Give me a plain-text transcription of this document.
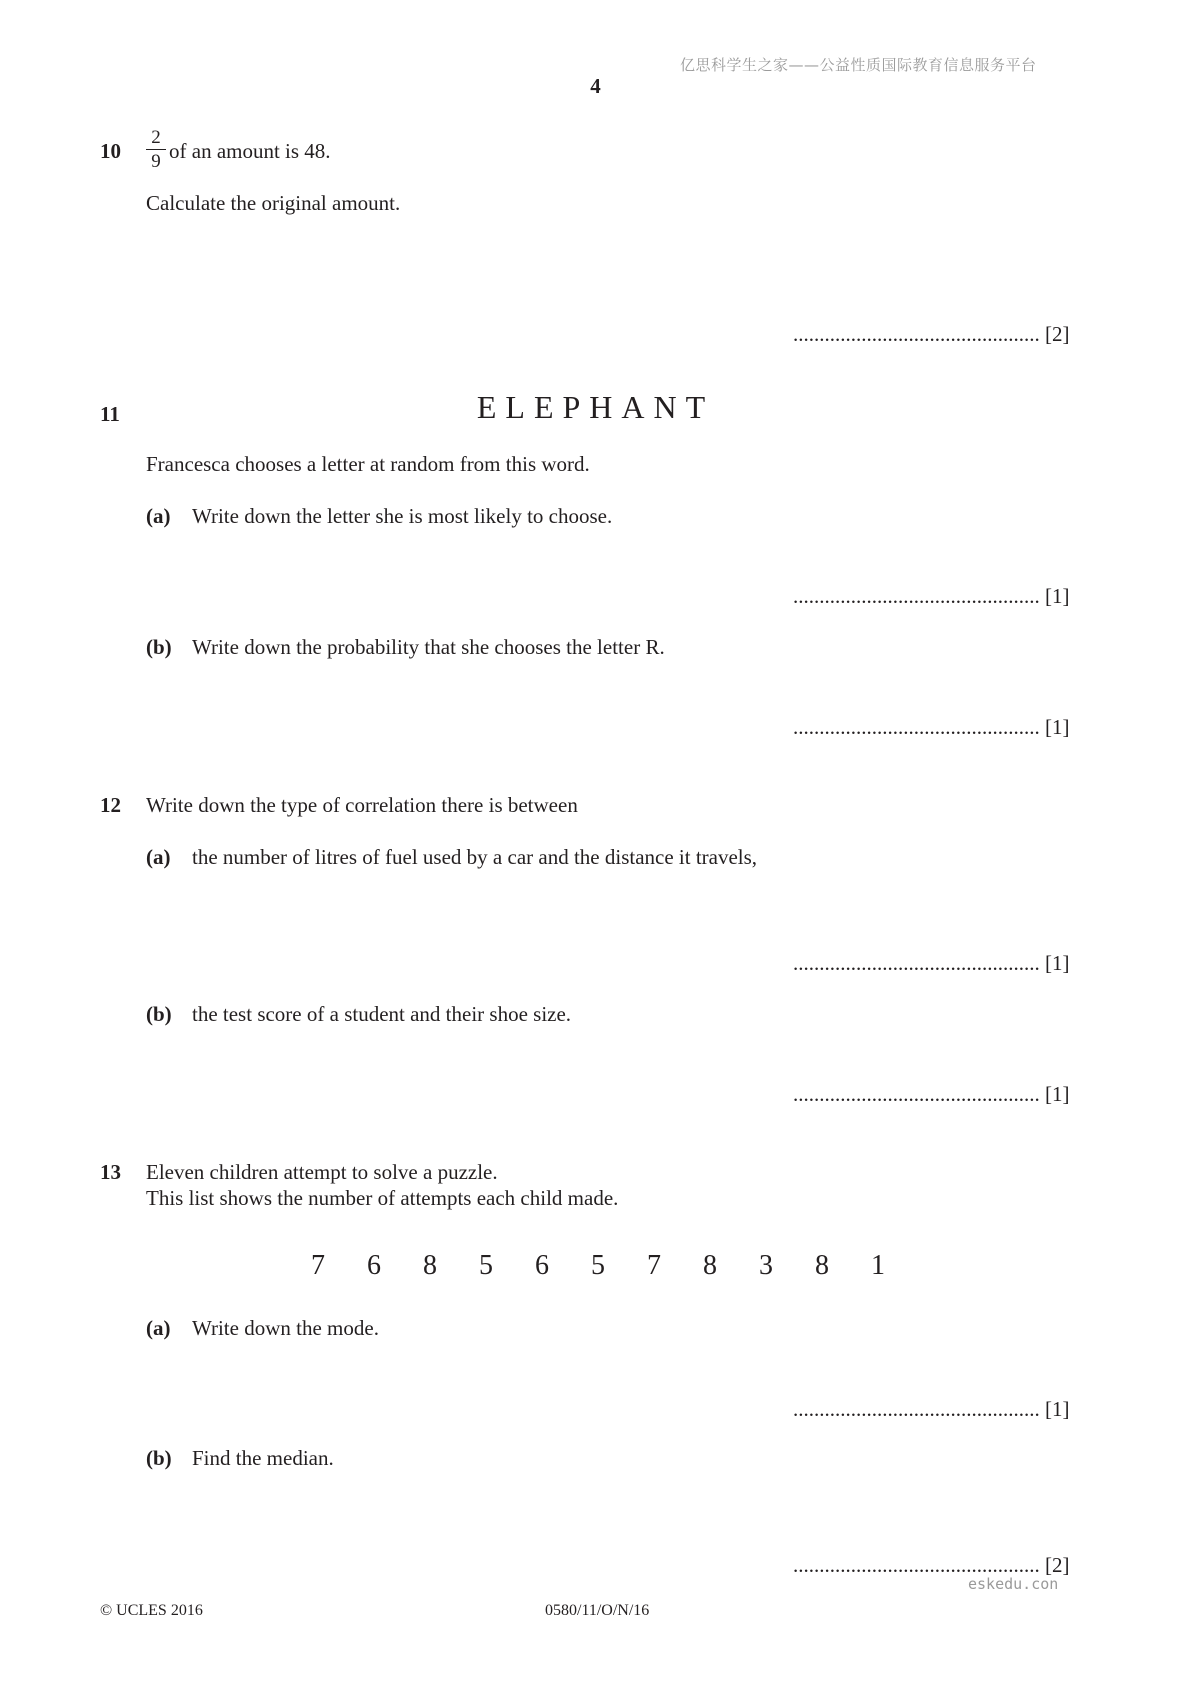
亿思科学生之家——公益性质国际教育信息服务平台
4
10
2
9 of an amount is 48.
Calculate the original amount.
............................................... [2]
11	ELEPHANT
Francesca chooses a letter at random from this word.
(a) Write down the letter she is most likely to choose.
............................................... [1]
(b) Write down the probability that she chooses the letter R.
............................................... [1]
12 Write down the type of correlation there is between
(a) the number of litres of fuel used by a car and the distance it travels,
............................................... [1]
(b) the test score of a student and their shoe size.
............................................... [1]
13 Eleven children attempt to solve a puzzle.
This list shows the number of attempts each child made.
7 6 8 5 6 5 7 8 3 8 1
(a) Write down the mode.
............................................... [1]
(b) Find the median.
............................................... [2]
eskedu.con
© UCLES 2016	0580/11/O/N/16
